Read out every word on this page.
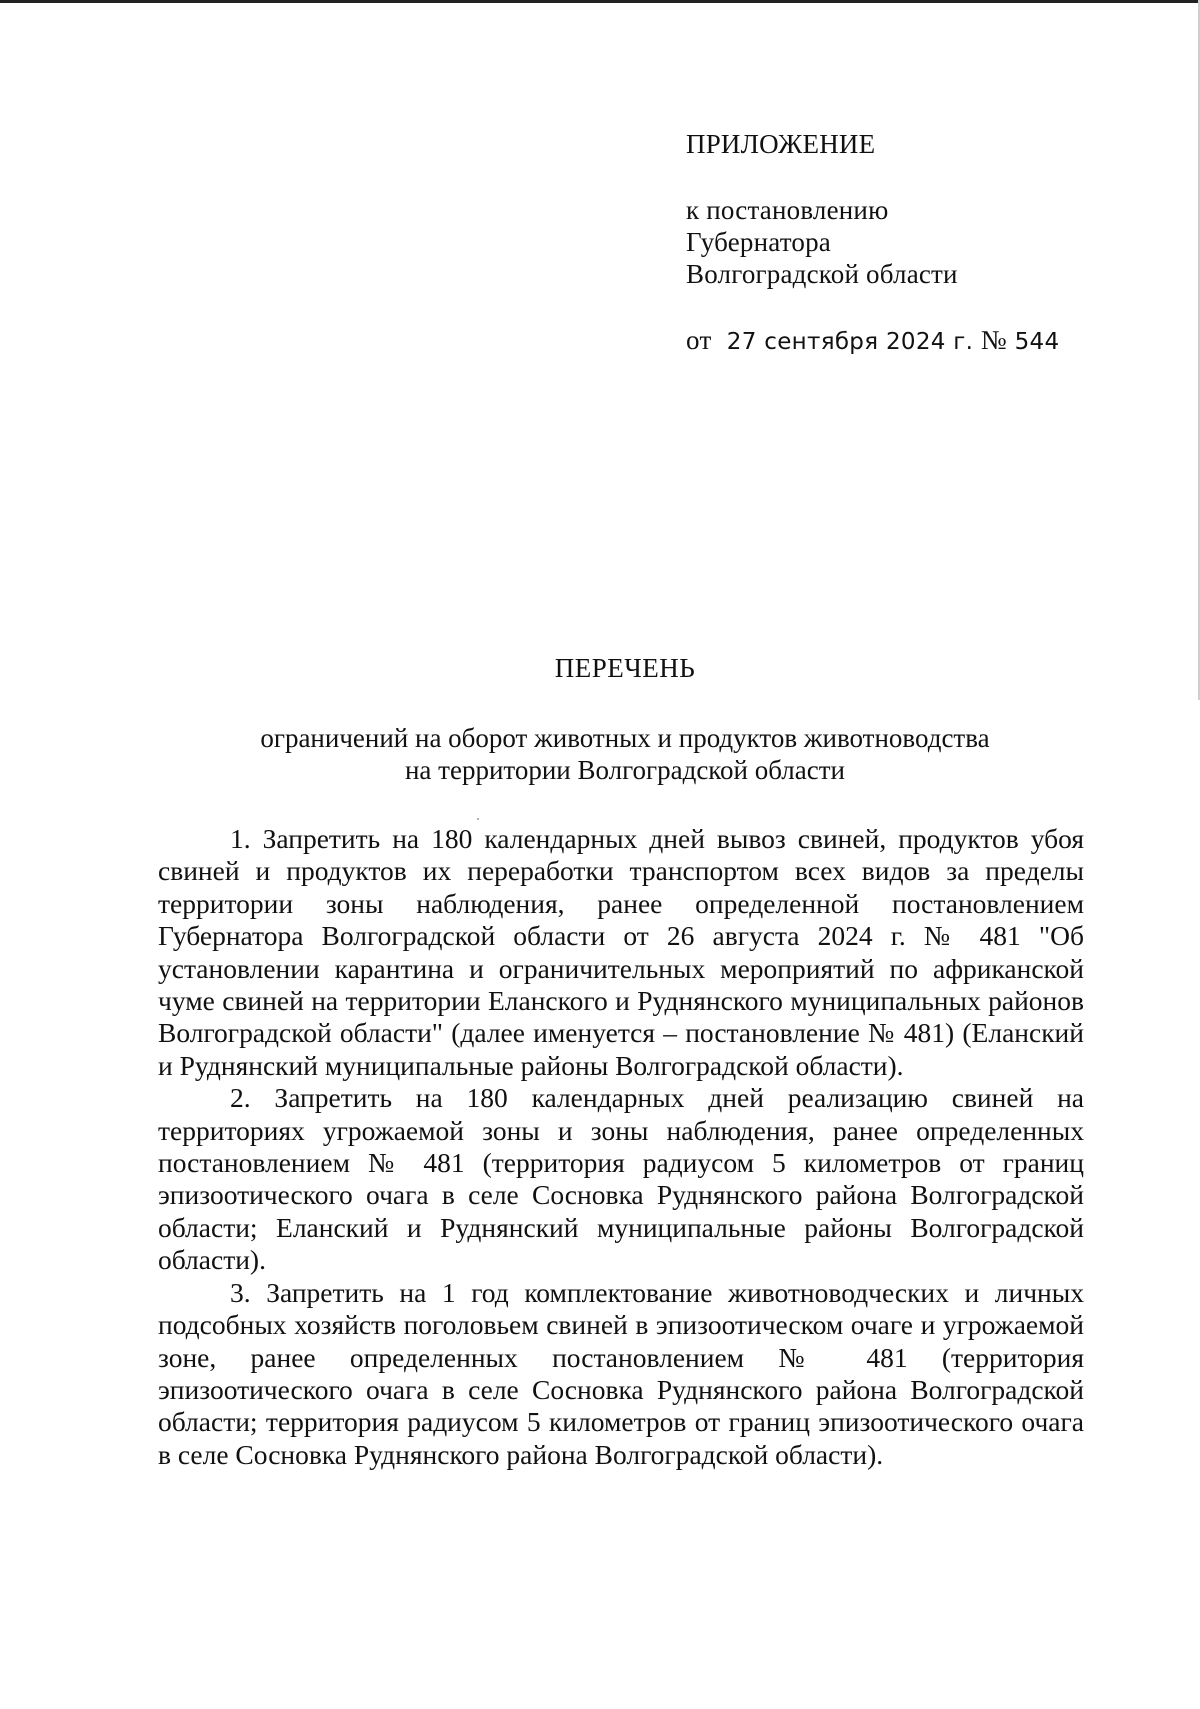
ПРИЛОЖЕНИЕ
к постановлению
Губернатора
Волгоградской области
от 27 сентября 2024 г. № 544
ПЕРЕЧЕНЬ
ограничений на оборот животных и продуктов животноводства
на территории Волгоградской области

1. Запретить на 180 календарных дней вывоз свиней, продуктов убоя свиней и продуктов их переработки транспортом всех видов за пределы территории зоны наблюдения, ранее определенной постановлением Губернатора Волгоградской области от 26 августа 2024 г. № 481 "Об установлении карантина и ограничительных мероприятий по африканской чуме свиней на территории Еланского и Руднянского муниципальных районов Волгоградской области" (далее именуется – постановление № 481) (Еланский и Руднянский муниципальные районы Волгоградской области).

2. Запретить на 180 календарных дней реализацию свиней на территориях угрожаемой зоны и зоны наблюдения, ранее определенных постановлением № 481 (территория радиусом 5 километров от границ эпизоотического очага в селе Сосновка Руднянского района Волгоградской области; Еланский и Руднянский муниципальные районы Волгоградской области).

3. Запретить на 1 год комплектование животноводческих и личных подсобных хозяйств поголовьем свиней в эпизоотическом очаге и угрожаемой зоне, ранее определенных постановлением № 481 (территория эпизоотического очага в селе Сосновка Руднянского района Волгоградской области; территория радиусом 5 километров от границ эпизоотического очага в селе Сосновка Руднянского района Волгоградской области).
